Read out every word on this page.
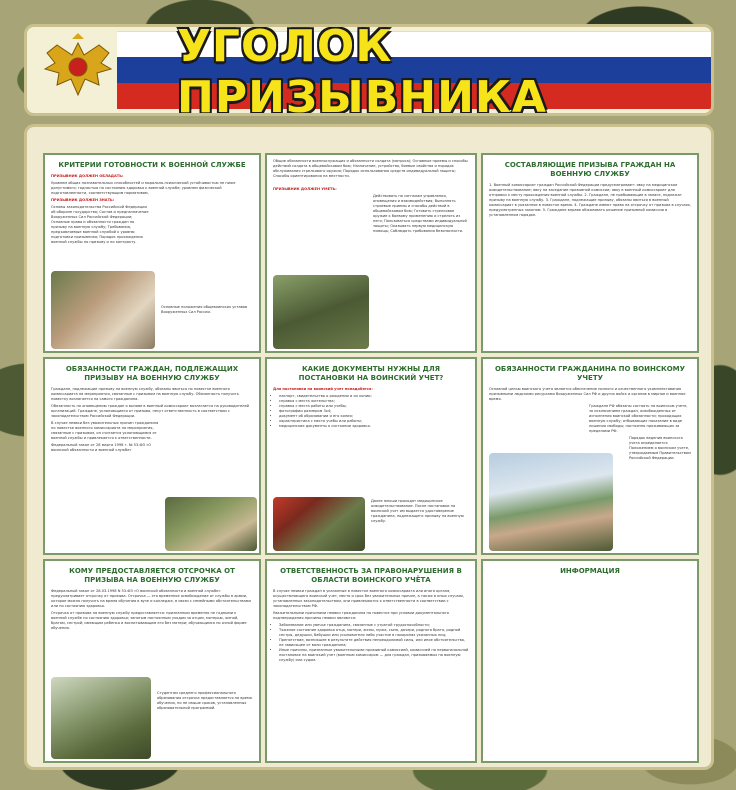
УГОЛОК ПРИЗЫВНИКА
КРИТЕРИИ ГОТОВНОСТИ К ВОЕННОЙ СЛУЖБЕ

ПРИЗЫВНИК ДОЛЖЕН ОБЛАДАТЬ:

Уровнем общих познавательных способностей и морально-психической устойчивостью не ниже допустимого; годностью по состоянию здоровья к военной службе; уровнем физической подготовленности, соответствующим нормативам.

ПРИЗЫВНИК ДОЛЖЕН ЗНАТЬ:

Основы законодательства Российской Федерации об обороне государства; Состав и предназначение Вооруженных Сил Российской Федерации; Основные права и обязанности граждан по призыву на военную службу; Требования, предъявляемые военной службой к уровню подготовки призывника; Порядок прохождения военной службы по призыву и по контракту.

Основные положения общевоинских уставов Вооруженных Сил России.

Общие обязанности военнослужащих и обязанности солдата (матроса); Основные приемы и способы действий солдата в общевойсковом бою; Назначение, устройство, боевые свойства и порядок обслуживания стрелкового оружия; Порядок использования средств индивидуальной защиты; Способы ориентирования на местности.

ПРИЗЫВНИК ДОЛЖЕН УМЕТЬ:

Действовать по сигналам управления, оповещения и взаимодействия; Выполнять строевые приемы и способы действий в общевойсковом бою; Готовить стрелковое оружие к боевому применению и стрелять из него; Пользоваться средствами индивидуальной защиты; Оказывать первую медицинскую помощь; Соблюдать требования безопасности.

СОСТАВЛЯЮЩИЕ ПРИЗЫВА ГРАЖДАН НА ВОЕННУЮ СЛУЖБУ
1. Военный комиссариат граждан Российской Федерации предусматривает: явку на медицинское освидетельствование; явку на заседание призывной комиссии; явку в военный комиссариат для отправки к месту прохождения военной службы. 2. Граждане, не пребывающие в запасе, подлежат призыву на военную службу. 3. Граждане, подлежащие призыву, обязаны явиться в военный комиссариат в указанное в повестке время. 4. Граждане имеют право на отсрочку от призыва в случаях, предусмотренных законом. 5. Граждане вправе обжаловать решение призывной комиссии в установленном порядке.
ОБЯЗАННОСТИ ГРАЖДАН, ПОДЛЕЖАЩИХ ПРИЗЫВУ НА ВОЕННУЮ СЛУЖБУ

Граждане, подлежащие призыву на военную службу, обязаны явиться по повестке военного комиссариата на мероприятия, связанные с призывом на военную службу. Обязанность получить повестку возлагается на самого гражданина.

Обязанность по оповещению граждан о вызове в военный комиссариат возлагается на руководителей организаций. Граждане, уклоняющиеся от призыва, несут ответственность в соответствии с законодательством Российской Федерации.

В случае неявки без уважительных причин гражданина по повестке военного комиссариата на мероприятия, связанные с призывом, он считается уклоняющимся от военной службы и привлекается к ответственности.

Федеральный закон от 28 марта 1998 г. № 53-ФЗ «О воинской обязанности и военной службе»

КАКИЕ ДОКУМЕНТЫ НУЖНЫ ДЛЯ ПОСТАНОВКИ НА ВОИНСКИЙ УЧЕТ?

Для постановки на воинский учет понадобятся:

• паспорт, свидетельство о рождении и их копии;
• справка с места жительства;
• справка с места работы или учебы;
• фотографии размером 3х4;
• документ об образовании и его копия;
• характеристика с места учебы или работы;
• медицинские документы о состоянии здоровья.
Далее юноши проходят медицинское освидетельствование. После постановки на воинский учет им выдается удостоверение гражданина, подлежащего призыву на военную службу.
ОБЯЗАННОСТИ ГРАЖДАНИНА ПО ВОИНСКОМУ УЧЕТУ

Основной целью воинского учета является обеспечение полного и качественного укомплектования призывными людскими ресурсами Вооруженных Сил РФ и других войск и органов в мирное и военное время.

Граждане РФ обязаны состоять на воинском учете, за исключением граждан, освобожденных от исполнения воинской обязанности; проходящих военную службу; отбывающих наказание в виде лишения свободы; постоянно проживающих за пределами РФ.

Порядок ведения воинского учета определяется Положением о воинском учете, утверждаемым Правительством Российской Федерации.

КОМУ ПРЕДОСТАВЛЯЕТСЯ ОТСРОЧКА ОТ ПРИЗЫВА НА ВОЕННУЮ СЛУЖБУ

Федеральный закон от 28.03.1998 N 53-ФЗ «О воинской обязанности и военной службе» предусматривает отсрочку от призыва. Отсрочка — это временное освобождение от службы в армии, которое можно получить на время обучения в вузе и колледже, в связи с семейными обстоятельствами или по состоянию здоровья.

Отсрочка от призыва на военную службу предоставляется: признанным временно не годными к военной службе по состоянию здоровья; занятым постоянным уходом за отцом, матерью, женой, братом, сестрой; имеющим ребенка и воспитывающим его без матери; обучающимся по очной форме обучения.

Студентам среднего профессионального образования отсрочка предоставляется на время обучения, но не свыше сроков, установленных образовательной программой.
ОТВЕТСТВЕННОСТЬ ЗА ПРАВОНАРУШЕНИЯ В ОБЛАСТИ ВОИНСКОГО УЧЁТА

В случае неявки граждан в указанные в повестке военного комиссариата или иного органа, осуществляющего воинский учет, место и срок без уважительных причин, а также в иных случаях, установленных законодательством, они привлекаются к ответственности в соответствии с законодательством РФ.

Уважительными причинами неявки гражданина по повестке при условии документального подтверждения причины неявки являются:

• Заболевание или увечье гражданина, связанные с утратой трудоспособности;
• Тяжелое состояние здоровья отца, матери, жены, мужа, сына, дочери, родного брата, родной сестры, дедушки, бабушки или усыновителя либо участие в похоронах указанных лиц;
• Препятствие, возникшее в результате действия непреодолимой силы, или иное обстоятельство, не зависящее от воли гражданина;
• Иные причины, признанные уважительными призывной комиссией, комиссией по первоначальной постановке на воинский учет (военным комиссаром — для граждан, призываемых на военную службу) или судом.
ИНФОРМАЦИЯ
